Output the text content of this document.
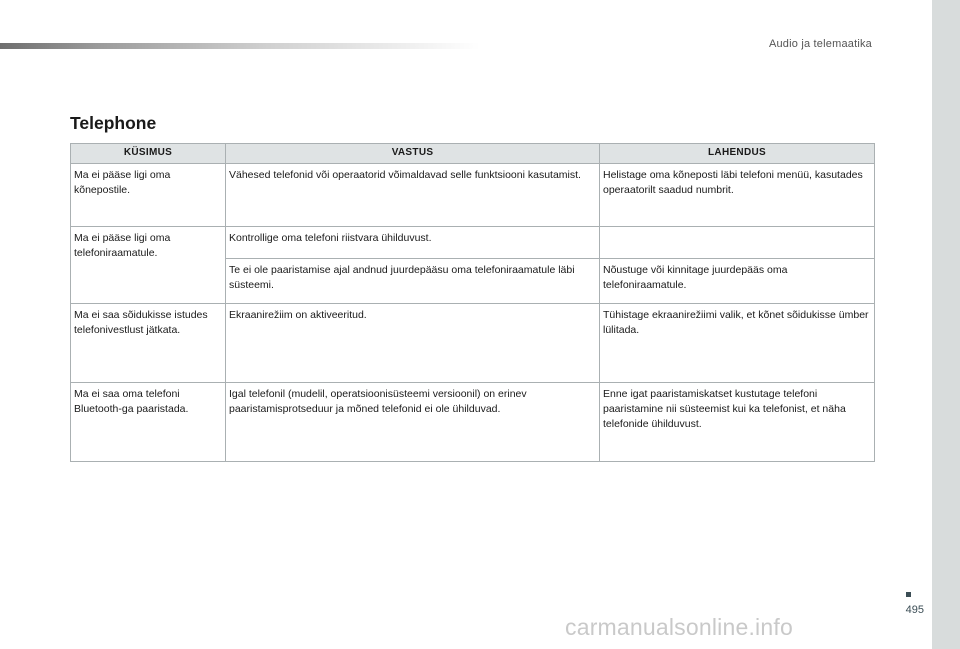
Audio ja telemaatika
Telephone
KÜSIMUS	VASTUS	LAHENDUS
Ma ei pääse ligi oma kõnepostile.	Vähesed telefonid või operaatorid võimaldavad selle funktsiooni kasutamist.	Helistage oma kõneposti läbi telefoni menüü, kasutades operaatorilt saadud numbrit.
Ma ei pääse ligi oma telefoniraamatule.	Kontrollige oma telefoni riistvara ühilduvust.	
	Te ei ole paaristamise ajal andnud juurdepääsu oma telefoniraamatule läbi süsteemi.	Nõustuge või kinnitage juurdepääs oma telefoniraamatule.
Ma ei saa sõidukisse istudes telefonivestlust jätkata.	Ekraanirežiim on aktiveeritud.	Tühistage ekraanirežiimi valik, et kõnet sõidukisse ümber lülitada.
Ma ei saa oma telefoni Bluetooth-ga paaristada.	Igal telefonil (mudelil, operatsioonisüsteemi versioonil) on erinev paaristamisprotseduur ja mõned telefonid ei ole ühilduvad.	Enne igat paaristamiskatset kustutage telefoni paaristamine nii süsteemist kui ka telefonist, et näha telefonide ühilduvust.
495
carmanualsonline.info
